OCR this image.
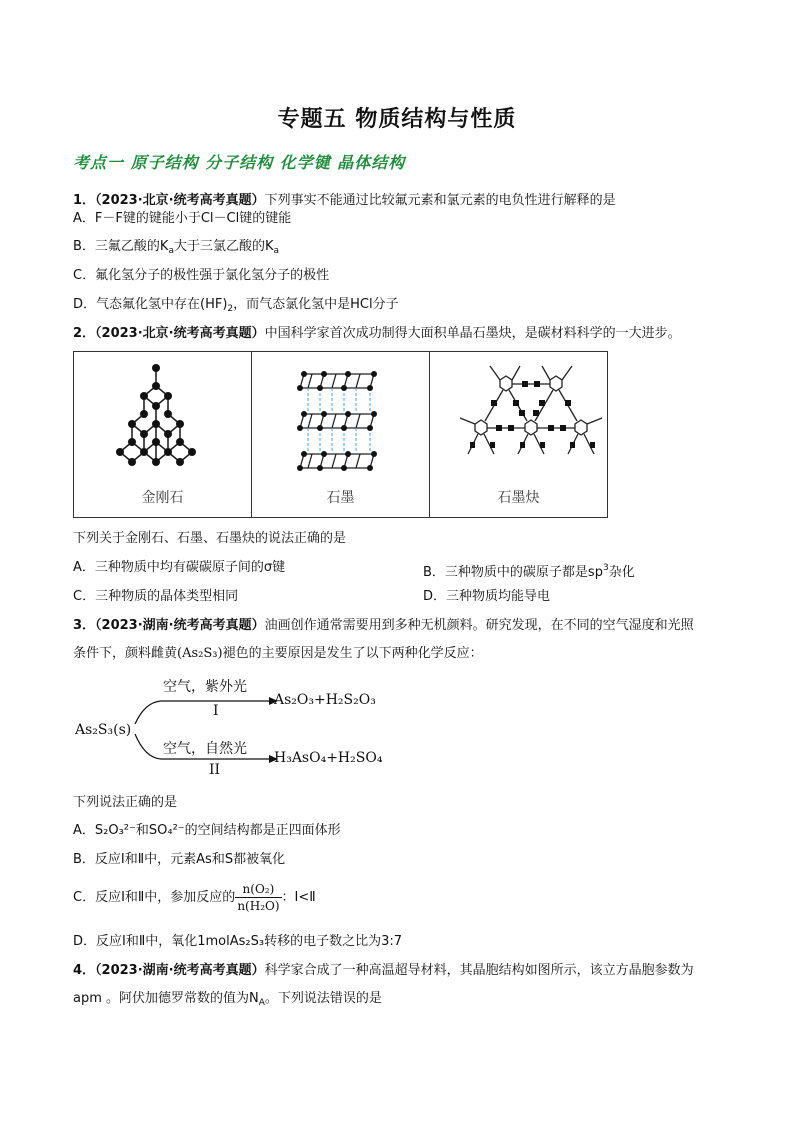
专题五 物质结构与性质
考点一 原子结构 分子结构 化学键 晶体结构
1．（2023·北京·统考高考真题）下列事实不能通过比较氟元素和氯元素的电负性进行解释的是
A．F－F键的键能小于Cl－Cl键的键能
B．三氟乙酸的$K_a$大于三氯乙酸的$K_a$
C．氟化氢分子的极性强于氯化氢分子的极性
D．气态氟化氢中存在$(HF)_2$，而气态氯化氢中是HCl分子
2．（2023·北京·统考高考真题）中国科学家首次成功制得大面积单晶石墨炔，是碳材料科学的一大进步。
金刚石	石墨	石墨炔
下列关于金刚石、石墨、石墨炔的说法正确的是
A．三种物质中均有碳碳原子间的σ键	B．三种物质中的碳原子都是$sp^3$杂化
C．三种物质的晶体类型相同	D．三种物质均能导电
3．（2023·湖南·统考高考真题）油画创作通常需要用到多种无机颜料。研究发现，在不同的空气湿度和光照
条件下，颜料雌黄(As₂S₃)褪色的主要原因是发生了以下两种化学反应：
As₂S₃(s)
空气，紫外光
I
As₂O₃+H₂S₂O₃
空气，自然光
II
H₃AsO₄+H₂SO₄
下列说法正确的是
A．S₂O₃²⁻和SO₄²⁻的空间结构都是正四面体形
B．反应Ⅰ和Ⅱ中，元素As和S都被氧化
C．反应Ⅰ和Ⅱ中，参加反应的 $\frac{\text{n(O₂)}}{\text{n(H₂O)}}$ ：Ⅰ<Ⅱ
D．反应Ⅰ和Ⅱ中，氧化1molAs₂S₃转移的电子数之比为3:7
4．（2023·湖南·统考高考真题）科学家合成了一种高温超导材料，其晶胞结构如图所示，该立方晶胞参数为
apm 。阿伏加德罗常数的值为$N_A$。下列说法错误的是
